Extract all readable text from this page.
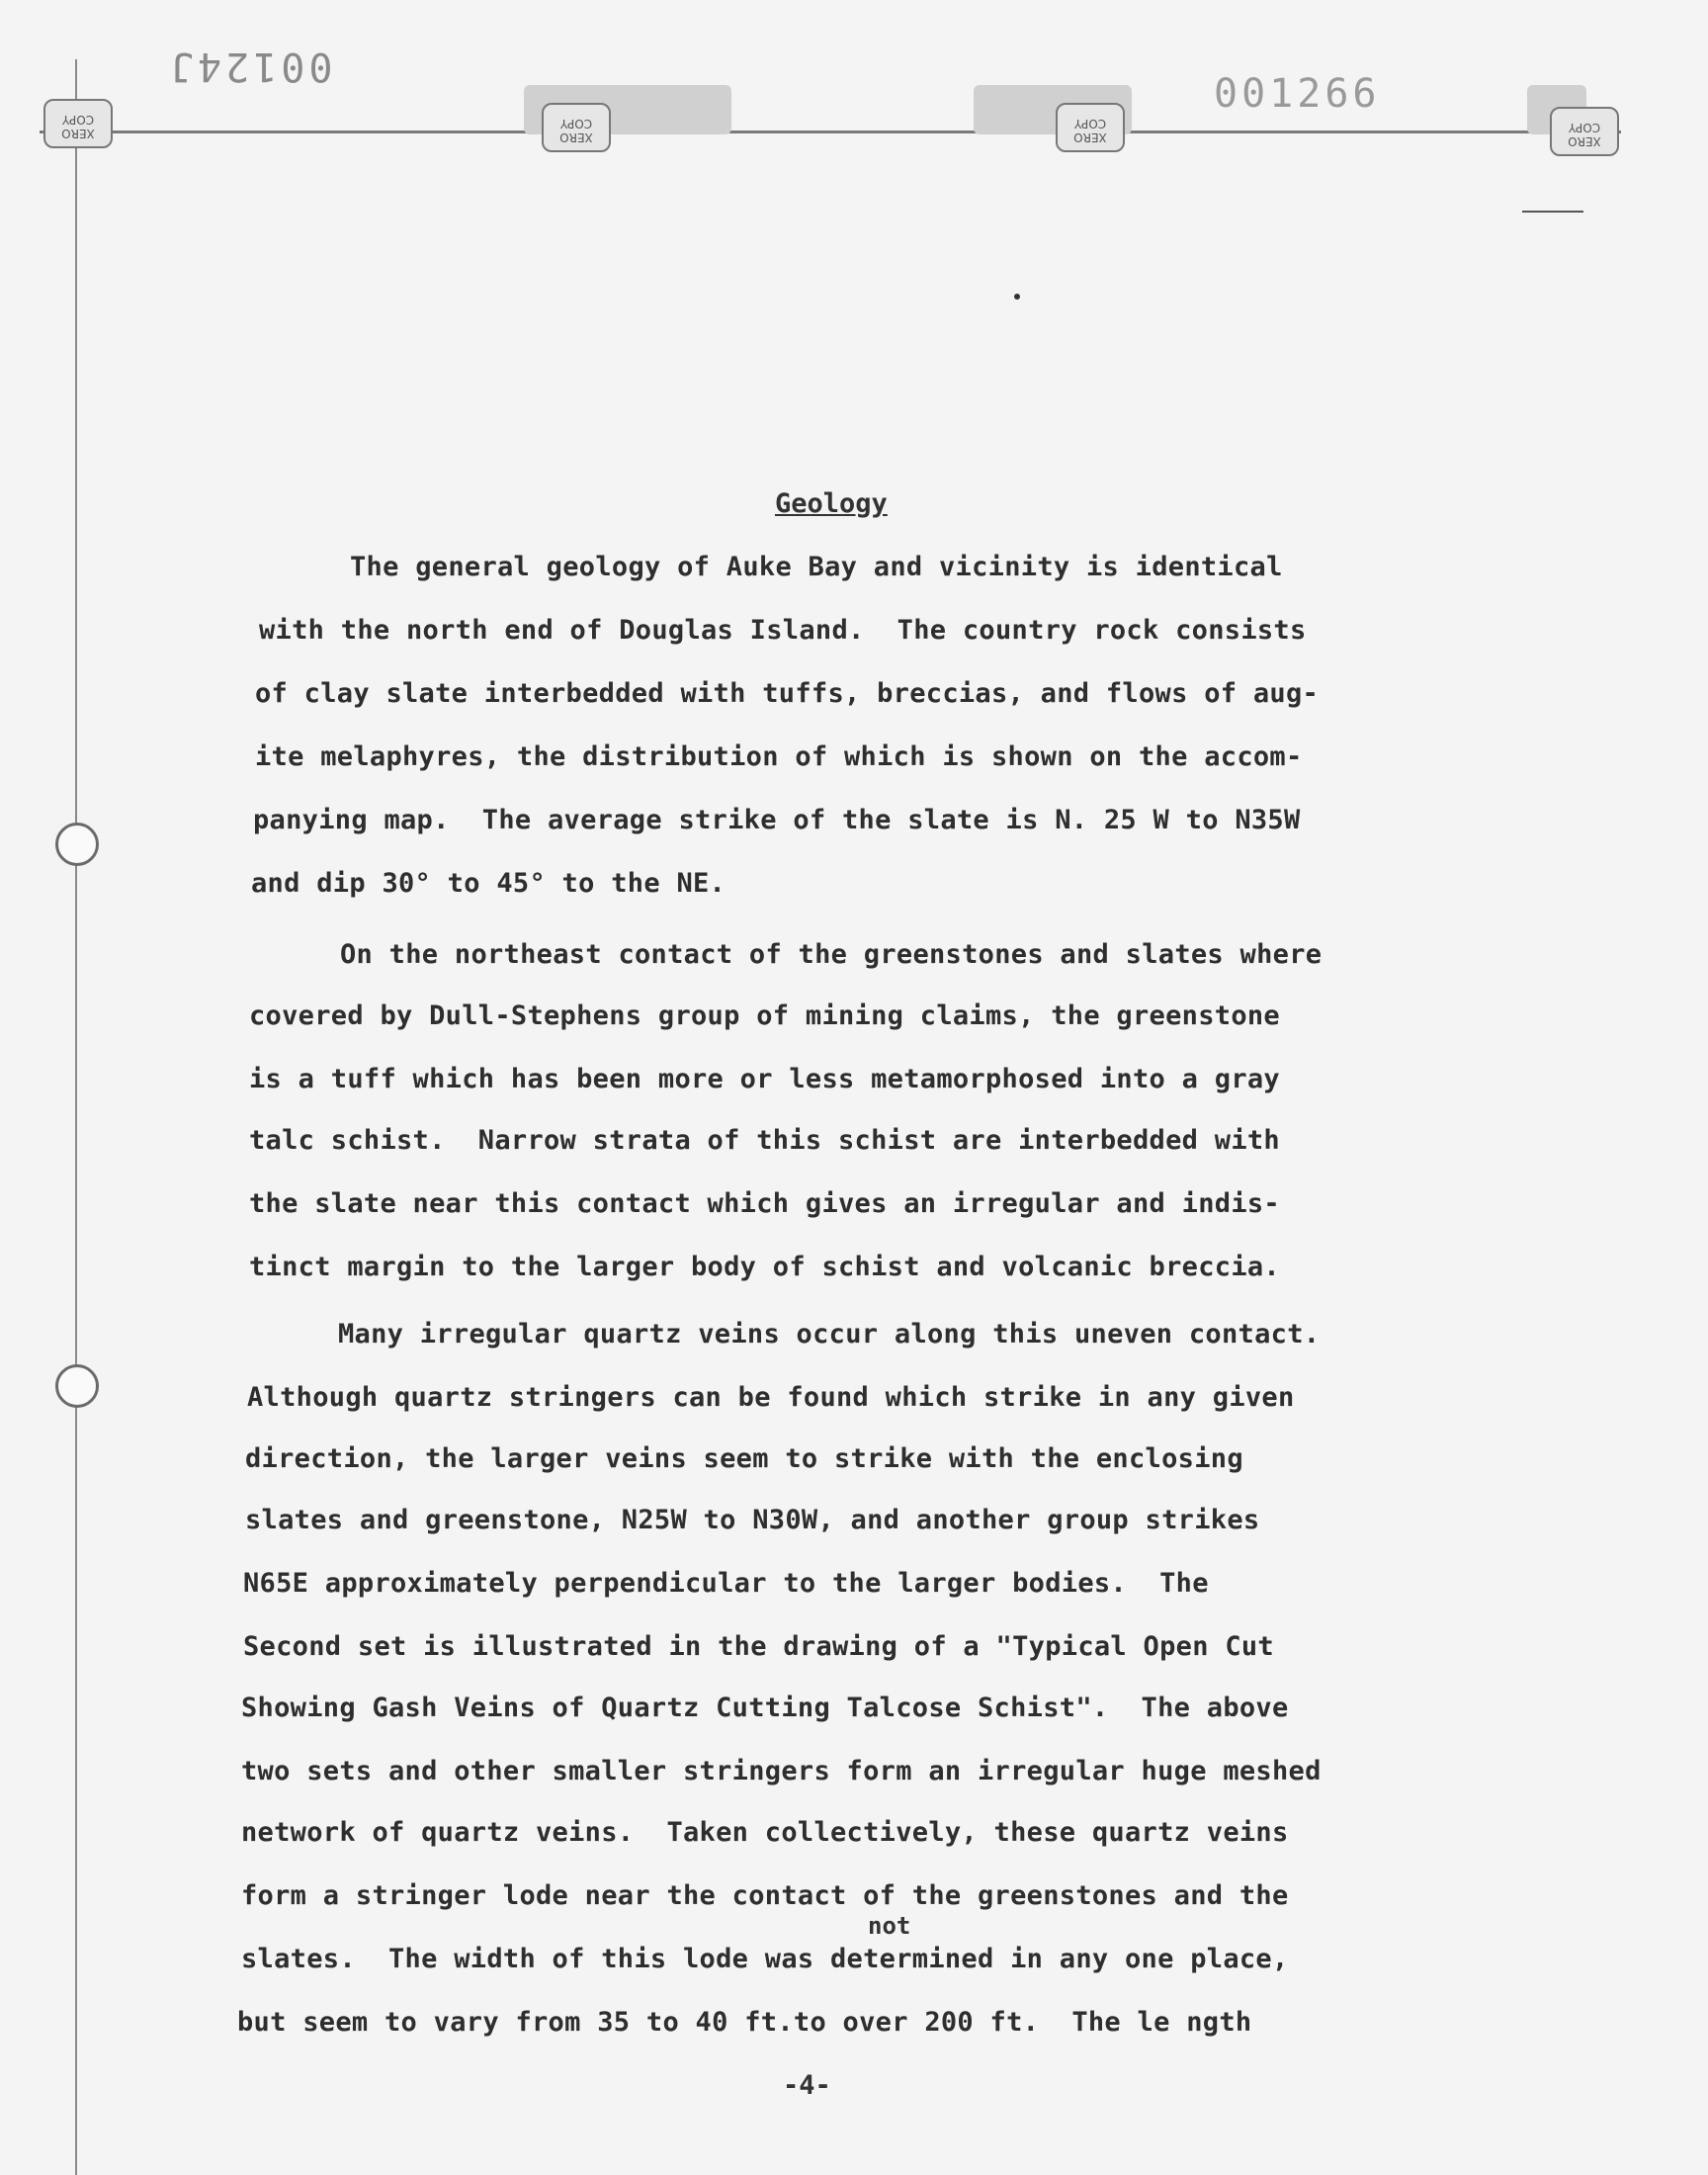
00124J
001266
XERO
COPY
XERO
COPY
XERO
COPY
XERO
COPY
Geology
The general geology of Auke Bay and vicinity is identical
with the north end of Douglas Island.  The country rock consists
of clay slate interbedded with tuffs, breccias, and flows of aug-
ite melaphyres, the distribution of which is shown on the accom-
panying map.  The average strike of the slate is N. 25 W to N35W
and dip 30° to 45° to the NE.
On the northeast contact of the greenstones and slates where
covered by Dull-Stephens group of mining claims, the greenstone
is a tuff which has been more or less metamorphosed into a gray
talc schist.  Narrow strata of this schist are interbedded with
the slate near this contact which gives an irregular and indis-
tinct margin to the larger body of schist and volcanic breccia.
Many irregular quartz veins occur along this uneven contact.
Although quartz stringers can be found which strike in any given
direction, the larger veins seem to strike with the enclosing
slates and greenstone, N25W to N30W, and another group strikes
N65E approximately perpendicular to the larger bodies.  The
Second set is illustrated in the drawing of a "Typical Open Cut
Showing Gash Veins of Quartz Cutting Talcose Schist".  The above
two sets and other smaller stringers form an irregular huge meshed
network of quartz veins.  Taken collectively, these quartz veins
form a stringer lode near the contact of the greenstones and the
not
slates.  The width of this lode was determined in any one place,
but seem to vary from 35 to 40 ft.to over 200 ft.  The le ngth
-4-
